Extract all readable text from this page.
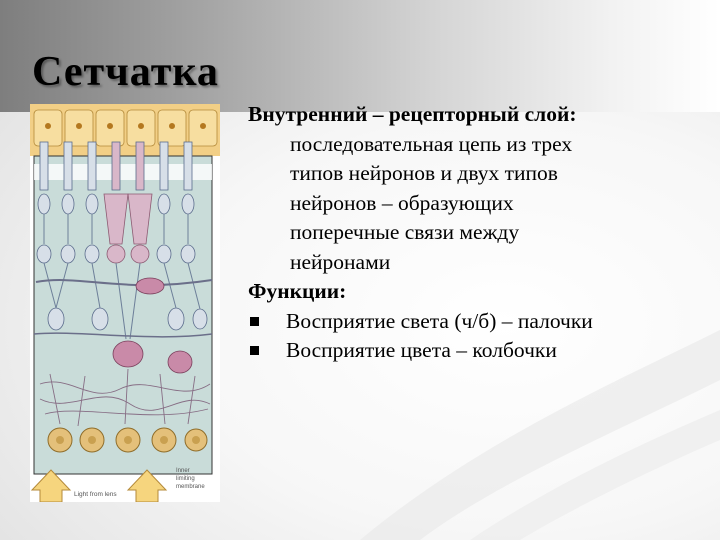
Сетчатка
Light from lens
Inner
limiting
membrane
Внутренний – рецепторный слой:
последовательная цепь из трех
типов нейронов и двух типов
нейронов – образующих
поперечные связи между
нейронами
Функции:
Восприятие света (ч/б) – палочки
Восприятие цвета – колбочки
